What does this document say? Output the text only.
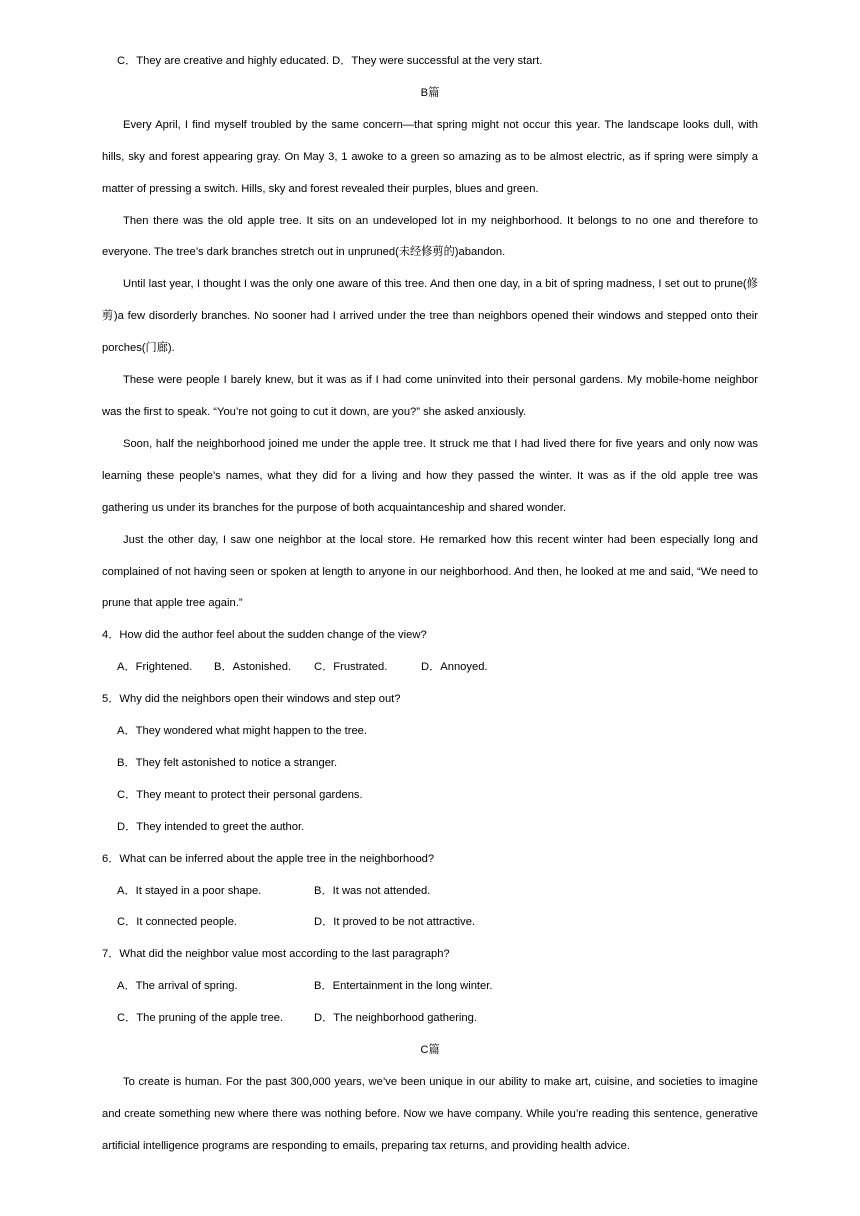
C．They are creative and highly educated. D．They were successful at the very start.
B篇
Every April, I find myself troubled by the same concern—that spring might not occur this year. The landscape looks dull, with hills, sky and forest appearing gray. On May 3, 1 awoke to a green so amazing as to be almost electric, as if spring were simply a matter of pressing a switch. Hills, sky and forest revealed their purples, blues and green.
Then there was the old apple tree. It sits on an undeveloped lot in my neighborhood. It belongs to no one and therefore to everyone. The tree’s dark branches stretch out in unpruned(未经修剪的)abandon.
Until last year, I thought I was the only one aware of this tree. And then one day, in a bit of spring madness, I set out to prune(修剪)a few disorderly branches. No sooner had I arrived under the tree than neighbors opened their windows and stepped onto their porches(门廊).
These were people I barely knew, but it was as if I had come uninvited into their personal gardens. My mobile-home neighbor was the first to speak. “You’re not going to cut it down, are you?” she asked anxiously.
Soon, half the neighborhood joined me under the apple tree. It struck me that I had lived there for five years and only now was learning these people’s names, what they did for a living and how they passed the winter. It was as if the old apple tree was gathering us under its branches for the purpose of both acquaintanceship and shared wonder.
Just the other day, I saw one neighbor at the local store. He remarked how this recent winter had been especially long and complained of not having seen or spoken at length to anyone in our neighborhood. And then, he looked at me and said, “We need to prune that apple tree again.”
4．How did the author feel about the sudden change of the view?
A．Frightened. B．Astonished. C．Frustrated.	D．Annoyed.
5．Why did the neighbors open their windows and step out?
A．They wondered what might happen to the tree.
B．They felt astonished to notice a stranger.
C．They meant to protect their personal gardens.
D．They intended to greet the author.
6．What can be inferred about the apple tree in the neighborhood?
A．It stayed in a poor shape.	B．It was not attended.
C．It connected people.	D．It proved to be not attractive.
7．What did the neighbor value most according to the last paragraph?
A．The arrival of spring.	B．Entertainment in the long winter.
C．The pruning of the apple tree.	D．The neighborhood gathering.
C篇
To create is human. For the past 300,000 years, we’ve been unique in our ability to make art, cuisine, and societies to imagine and create something new where there was nothing before. Now we have company. While you’re reading this sentence, generative artificial intelligence programs are responding to emails, preparing tax returns, and providing health advice.
